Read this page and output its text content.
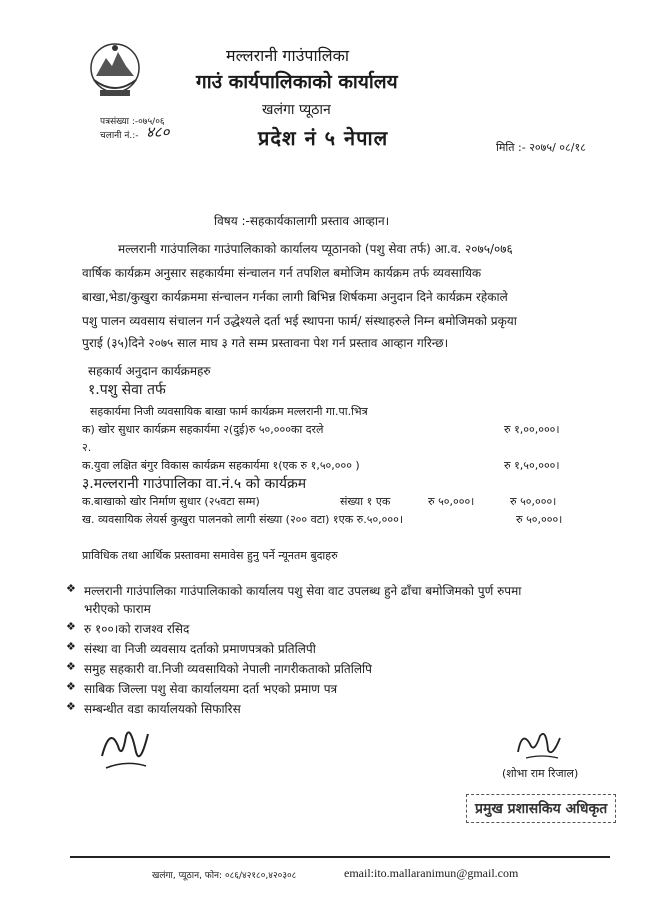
मल्लरानी गाउंपालिका
गाउं कार्यपालिकाको कार्यालय
खलंगा प्यूठान
प्रदेश नं ५ नेपाल
पत्रसंख्या :-०७५/०६
चलानी नं.:- ४८०
मिति :- २०७५/ ०८/१८
विषय :-सहकार्यकालागी प्रस्ताव आव्हान।
मल्लरानी गाउंपालिका गाउंपालिकाको कार्यालय प्यूठानको (पशु सेवा तर्फ) आ.व. २०७५/०७६
वार्षिक कार्यक्रम अनुसार सहकार्यमा संन्चालन गर्न तपशिल बमोजिम कार्यक्रम तर्फ व्यवसायिक
बाखा,भेडा/कुखुरा कार्यक्रममा संन्चालन गर्नका लागी बिभिन्न शिर्षकमा अनुदान दिने कार्यक्रम रहेकाले
पशु पालन व्यवसाय संचालन गर्न उद्धेश्यले दर्ता भई स्थापना फार्म/ संस्थाहरुले निम्न बमोजिमको प्रकृया
पुराई (३५)दिने २०७५ साल माघ ३ गते सम्म प्रस्तावना पेश गर्न प्रस्ताव आव्हान गरिन्छ।
सहकार्य अनुदान कार्यक्रमहरु
१.पशु सेवा तर्फ
सहकार्यमा निजी व्यवसायिक बाखा फार्म कार्यक्रम मल्लरानी गा.पा.भित्र
क) खोर सुधार कार्यक्रम सहकार्यमा २(दुई)रु ५०,०००का दरले	रु १,००,०००।
२.
क.युवा लक्षित बंगुर विकास कार्यक्रम सहकार्यमा १(एक रु १,५०,००० )	रु १,५०,०००।
३.मल्लरानी गाउंपालिका वा.नं.५ को कार्यक्रम
क.बाखाको खोर निर्माण सुधार (२५वटा सम्म)	संख्या १ एक	रु ५०,०००।	रु ५०,०००।
ख. व्यवसायिक लेयर्स कुखुरा पालनको लागी संख्या (२०० वटा) १एक रु.५०,०००।	रु ५०,०००।
प्राविधिक तथा आर्थिक प्रस्तावमा समावेस हुनु पर्ने न्यूनतम बुदाहरु
❖ मल्लरानी गाउंपालिका गाउंपालिकाको कार्यालय पशु सेवा वाट उपलब्ध हुने ढाँचा बमोजिमको पुर्ण रुपमा
भरीएको फाराम
❖ रु १००।को राजश्व रसिद
❖ संस्था वा निजी व्यवसाय दर्ताको प्रमाणपत्रको प्रतिलिपी
❖ समुह सहकारी वा.निजी व्यवसायिको नेपाली नागरीकताको प्रतिलिपि
❖ साबिक जिल्ला पशु सेवा कार्यालयमा दर्ता भएको प्रमाण पत्र
❖ सम्बन्धीत वडा कार्यालयको सिफारिस
(शोभा राम रिजाल)
प्रमुख प्रशासकिय अधिकृत
खलंगा, प्यूठान, फोन: ०८६/४२१८०,४२०३०८	email:ito.mallaranimun@gmail.com
